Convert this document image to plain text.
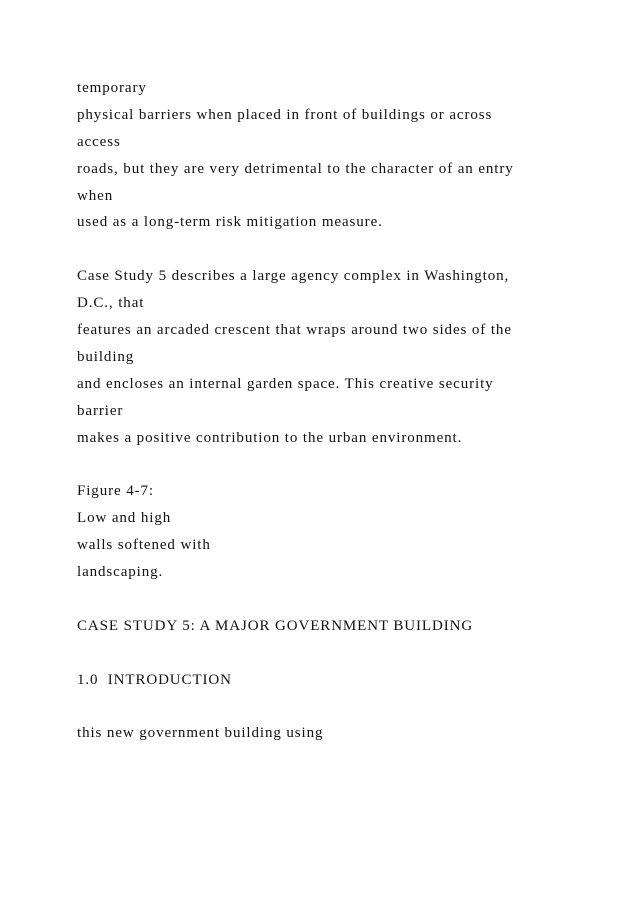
temporary
physical barriers when placed in front of buildings or across
access
roads, but they are very detrimental to the character of an entry
when
used as a long-term risk mitigation measure.
Case Study 5 describes a large agency complex in Washington,
D.C., that
features an arcaded crescent that wraps around two sides of the
building
and encloses an internal garden space. This creative security
barrier
makes a positive contribution to the urban environment.
Figure 4-7:
Low and high
walls softened with
landscaping.
CASE STUDY 5: A MAJOR GOVERNMENT BUILDING
1.0  INTRODUCTION
this new government building using
